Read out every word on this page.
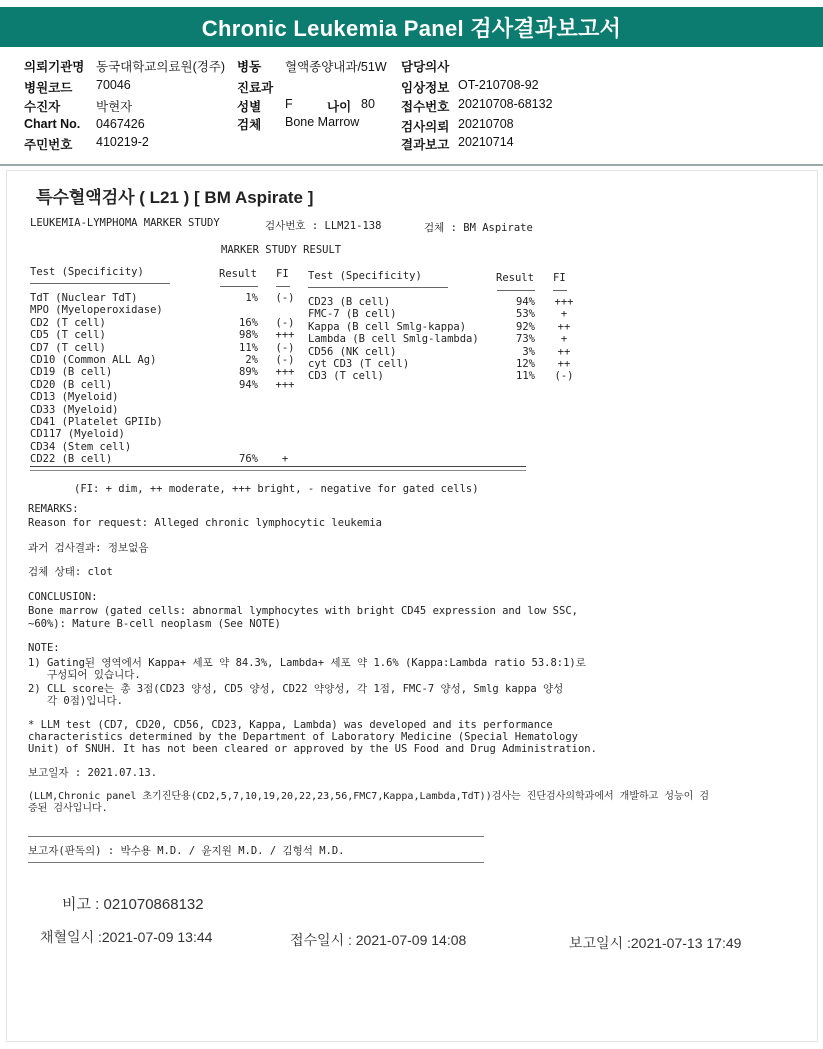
Chronic Leukemia Panel 검사결과보고서
의뢰기관명 동국대학교의료원(경주) 병동 혈액종양내과/51W 담당의사
병원코드 70046	진료과	임상정보 OT-210708-92
수진자	박현자	성별 F	나이 80 접수번호 20210708-68132
Chart No. 0467426	검체 Bone Marrow	검사의뢰 20210708
주민번호 410219-2	결과보고 20210714
특수혈액검사 ( L21 ) [ BM Aspirate ]
LEUKEMIA-LYMPHOMA MARKER STUDY	검사번호 : LLM21-138	검체 : BM Aspirate
MARKER STUDY RESULT
Test (Specificity)	Result FI Test (Specificity)	Result FI
TdT (Nuclear TdT)	1%	(-)
MPO (Myeloperoxidase)
CD2 (T cell)	16%	(-)
CD5 (T cell)	98%	+++
CD7 (T cell)	11%	(-)
CD10 (Common ALL Ag)	2%	(-)
CD19 (B cell)	89%	+++
CD20 (B cell)	94%	+++
CD13 (Myeloid)
CD33 (Myeloid)
CD41 (Platelet GPIIb)
CD117 (Myeloid)
CD34 (Stem cell)
CD22 (B cell)	76%	+
CD23 (B cell)	94%	+++
FMC-7 (B cell)	53%	+
Kappa (B cell Smlg-kappa)	92%	++
Lambda (B cell Smlg-lambda)	73%	+
CD56 (NK cell)	3%	++
cyt CD3 (T cell)	12%	++
CD3 (T cell)	11%	(-)
(FI: + dim, ++ moderate, +++ bright, - negative for gated cells)
REMARKS:
Reason for request: Alleged chronic lymphocytic leukemia
과거 검사결과: 정보없음
검체 상태: clot
CONCLUSION:
Bone marrow (gated cells: abnormal lymphocytes with bright CD45 expression and low SSC,
~60%): Mature B-cell neoplasm (See NOTE)
NOTE:
1) Gating된 영역에서 Kappa+ 세포 약 84.3%, Lambda+ 세포 약 1.6% (Kappa:Lambda ratio 53.8:1)로
구성되어 있습니다.
2) CLL score는 총 3점(CD23 양성, CD5 양성, CD22 약양성, 각 1점, FMC-7 양성, Smlg kappa 양성
각 0점)입니다.
* LLM test (CD7, CD20, CD56, CD23, Kappa, Lambda) was developed and its performance
characteristics determined by the Department of Laboratory Medicine (Special Hematology
Unit) of SNUH. It has not been cleared or approved by the US Food and Drug Administration.
보고일자 : 2021.07.13.
(LLM,Chronic panel 초기진단용(CD2,5,7,10,19,20,22,23,56,FMC7,Kappa,Lambda,TdT))검사는 진단검사의학과에서 개발하고 성능이 검
증된 검사입니다.
보고자(판독의) : 박수용 M.D. / 윤지원 M.D. / 김형석 M.D.
비고 : 021070868132
채혈일시 :2021-07-09 13:44	접수일시 : 2021-07-09 14:08	보고일시 :2021-07-13 17:49
